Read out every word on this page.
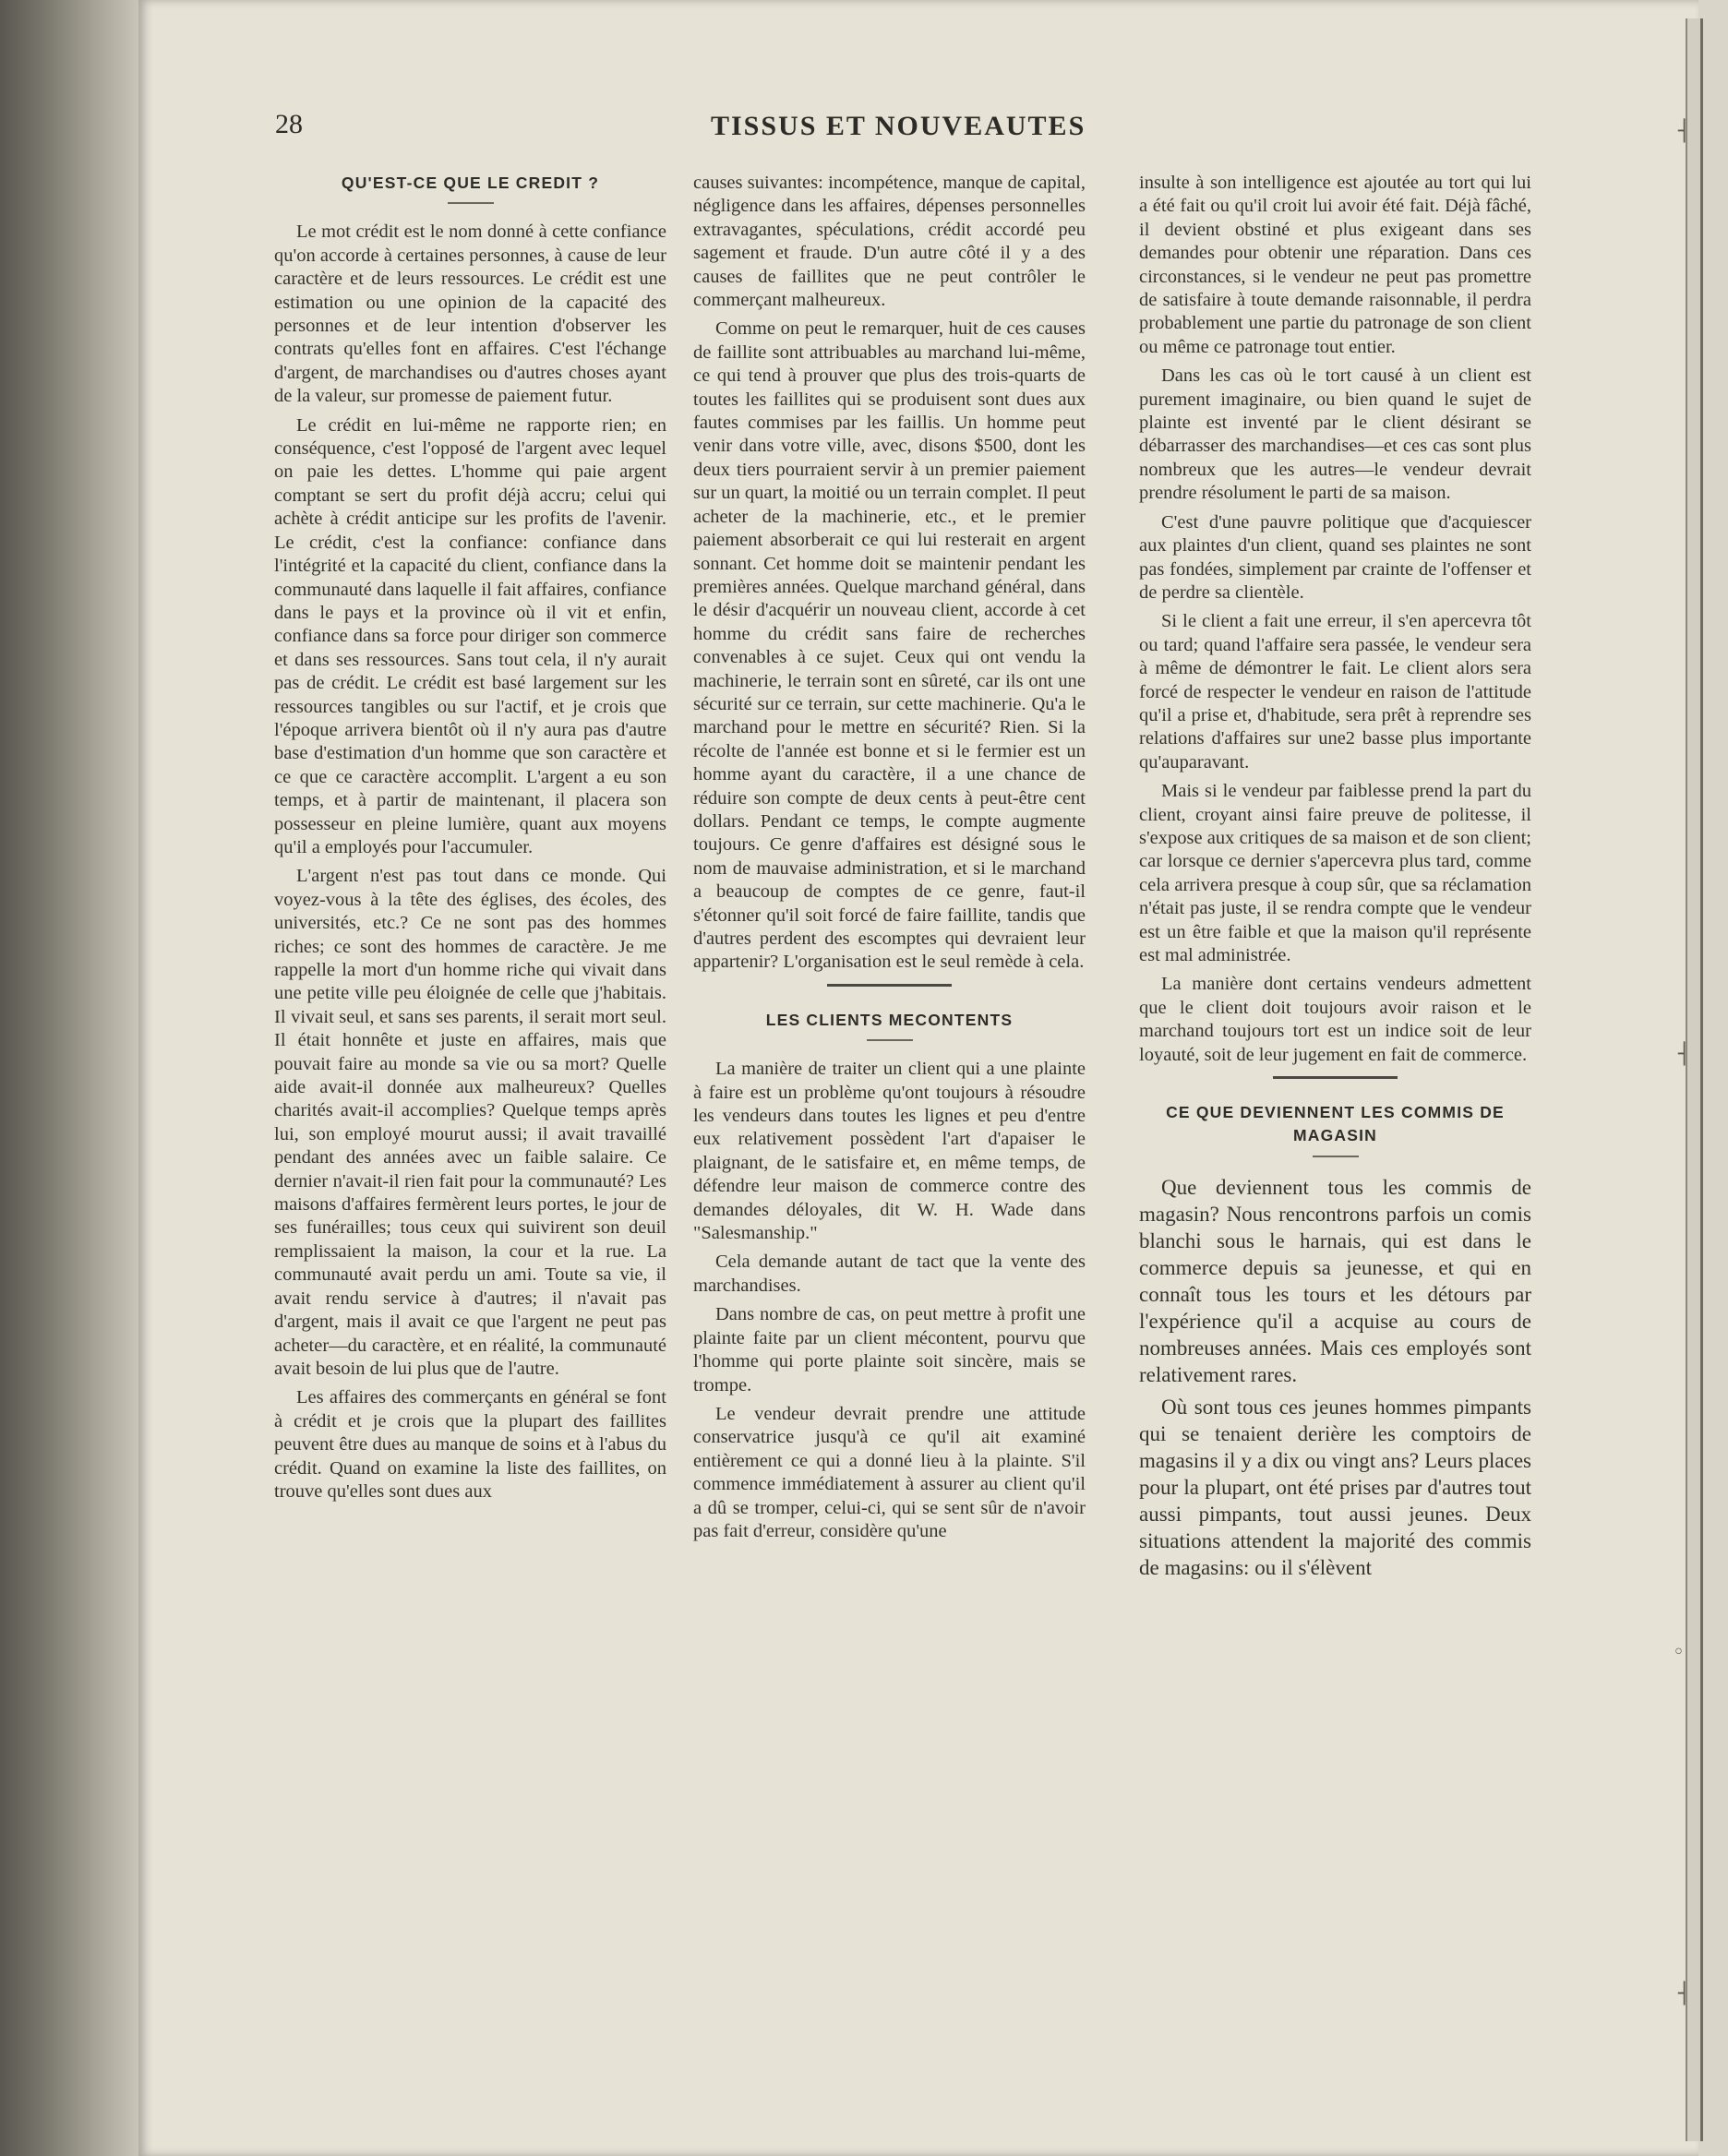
28	TISSUS ET NOUVEAUTES
QU'EST-CE QUE LE CREDIT ?

Le mot crédit est le nom donné à cette confiance qu'on accorde à certaines personnes, à cause de leur caractère et de leurs ressources. Le crédit est une estimation ou une opinion de la capacité des personnes et de leur intention d'observer les contrats qu'elles font en affaires. C'est l'échange d'argent, de marchandises ou d'autres choses ayant de la valeur, sur promesse de paiement futur.

Le crédit en lui-même ne rapporte rien; en conséquence, c'est l'opposé de l'argent avec lequel on paie les dettes. L'homme qui paie argent comptant se sert du profit déjà accru; celui qui achète à crédit anticipe sur les profits de l'avenir. Le crédit, c'est la confiance: confiance dans l'intégrité et la capacité du client, confiance dans la communauté dans laquelle il fait affaires, confiance dans le pays et la province où il vit et enfin, confiance dans sa force pour diriger son commerce et dans ses ressources. Sans tout cela, il n'y aurait pas de crédit. Le crédit est basé largement sur les ressources tangibles ou sur l'actif, et je crois que l'époque arrivera bientôt où il n'y aura pas d'autre base d'estimation d'un homme que son caractère et ce que ce caractère accomplit. L'argent a eu son temps, et à partir de maintenant, il placera son possesseur en pleine lumière, quant aux moyens qu'il a employés pour l'accumuler.

L'argent n'est pas tout dans ce monde. Qui voyez-vous à la tête des églises, des écoles, des universités, etc.? Ce ne sont pas des hommes riches; ce sont des hommes de caractère. Je me rappelle la mort d'un homme riche qui vivait dans une petite ville peu éloignée de celle que j'habitais. Il vivait seul, et sans ses parents, il serait mort seul. Il était honnête et juste en affaires, mais que pouvait faire au monde sa vie ou sa mort? Quelle aide avait-il donnée aux malheureux? Quelles charités avait-il accomplies? Quelque temps après lui, son employé mourut aussi; il avait travaillé pendant des années avec un faible salaire. Ce dernier n'avait-il rien fait pour la communauté? Les maisons d'affaires fermèrent leurs portes, le jour de ses funérailles; tous ceux qui suivirent son deuil remplissaient la maison, la cour et la rue. La communauté avait perdu un ami. Toute sa vie, il avait rendu service à d'autres; il n'avait pas d'argent, mais il avait ce que l'argent ne peut pas acheter—du caractère, et en réalité, la communauté avait besoin de lui plus que de l'autre.

Les affaires des commerçants en général se font à crédit et je crois que la plupart des faillites peuvent être dues au manque de soins et à l'abus du crédit. Quand on examine la liste des faillites, on trouve qu'elles sont dues aux

causes suivantes: incompétence, manque de capital, négligence dans les affaires, dépenses personnelles extravagantes, spéculations, crédit accordé peu sagement et fraude. D'un autre côté il y a des causes de faillites que ne peut contrôler le commerçant malheureux.

Comme on peut le remarquer, huit de ces causes de faillite sont attribuables au marchand lui-même, ce qui tend à prouver que plus des trois-quarts de toutes les faillites qui se produisent sont dues aux fautes commises par les faillis. Un homme peut venir dans votre ville, avec, disons $500, dont les deux tiers pourraient servir à un premier paiement sur un quart, la moitié ou un terrain complet. Il peut acheter de la machinerie, etc., et le premier paiement absorberait ce qui lui resterait en argent sonnant. Cet homme doit se maintenir pendant les premières années. Quelque marchand général, dans le désir d'acquérir un nouveau client, accorde à cet homme du crédit sans faire de recherches convenables à ce sujet. Ceux qui ont vendu la machinerie, le terrain sont en sûreté, car ils ont une sécurité sur ce terrain, sur cette machinerie. Qu'a le marchand pour le mettre en sécurité? Rien. Si la récolte de l'année est bonne et si le fermier est un homme ayant du caractère, il a une chance de réduire son compte de deux cents à peut-être cent dollars. Pendant ce temps, le compte augmente toujours. Ce genre d'affaires est désigné sous le nom de mauvaise administration, et si le marchand a beaucoup de comptes de ce genre, faut-il s'étonner qu'il soit forcé de faire faillite, tandis que d'autres perdent des escomptes qui devraient leur appartenir? L'organisation est le seul remède à cela.

LES CLIENTS MECONTENTS

La manière de traiter un client qui a une plainte à faire est un problème qu'ont toujours à résoudre les vendeurs dans toutes les lignes et peu d'entre eux relativement possèdent l'art d'apaiser le plaignant, de le satisfaire et, en même temps, de défendre leur maison de commerce contre des demandes déloyales, dit W. H. Wade dans "Salesmanship."

Cela demande autant de tact que la vente des marchandises.

Dans nombre de cas, on peut mettre à profit une plainte faite par un client mécontent, pourvu que l'homme qui porte plainte soit sincère, mais se trompe.

Le vendeur devrait prendre une attitude conservatrice jusqu'à ce qu'il ait examiné entièrement ce qui a donné lieu à la plainte. S'il commence immédiatement à assurer au client qu'il a dû se tromper, celui-ci, qui se sent sûr de n'avoir pas fait d'erreur, considère qu'une

insulte à son intelligence est ajoutée au tort qui lui a été fait ou qu'il croit lui avoir été fait. Déjà fâché, il devient obstiné et plus exigeant dans ses demandes pour obtenir une réparation. Dans ces circonstances, si le vendeur ne peut pas promettre de satisfaire à toute demande raisonnable, il perdra probablement une partie du patronage de son client ou même ce patronage tout entier.

Dans les cas où le tort causé à un client est purement imaginaire, ou bien quand le sujet de plainte est inventé par le client désirant se débarrasser des marchandises—et ces cas sont plus nombreux que les autres—le vendeur devrait prendre résolument le parti de sa maison.

C'est d'une pauvre politique que d'acquiescer aux plaintes d'un client, quand ses plaintes ne sont pas fondées, simplement par crainte de l'offenser et de perdre sa clientèle.

Si le client a fait une erreur, il s'en apercevra tôt ou tard; quand l'affaire sera passée, le vendeur sera à même de démontrer le fait. Le client alors sera forcé de respecter le vendeur en raison de l'attitude qu'il a prise et, d'habitude, sera prêt à reprendre ses relations d'affaires sur une2 basse plus importante qu'auparavant.

Mais si le vendeur par faiblesse prend la part du client, croyant ainsi faire preuve de politesse, il s'expose aux critiques de sa maison et de son client; car lorsque ce dernier s'apercevra plus tard, comme cela arrivera presque à coup sûr, que sa réclamation n'était pas juste, il se rendra compte que le vendeur est un être faible et que la maison qu'il représente est mal administrée.

La manière dont certains vendeurs admettent que le client doit toujours avoir raison et le marchand toujours tort est un indice soit de leur loyauté, soit de leur jugement en fait de commerce.

CE QUE DEVIENNENT LES COMMIS DE MAGASIN

Que deviennent tous les commis de magasin? Nous rencontrons parfois un comis blanchi sous le harnais, qui est dans le commerce depuis sa jeunesse, et qui en connaît tous les tours et les détours par l'expérience qu'il a acquise au cours de nombreuses années. Mais ces employés sont relativement rares.

Où sont tous ces jeunes hommes pimpants qui se tenaient derière les comptoirs de magasins il y a dix ou vingt ans? Leurs places pour la plupart, ont été prises par d'autres tout aussi pimpants, tout aussi jeunes. Deux situations attendent la majorité des commis de magasins: ou il s'élèvent

┤
┤
◦
┤
